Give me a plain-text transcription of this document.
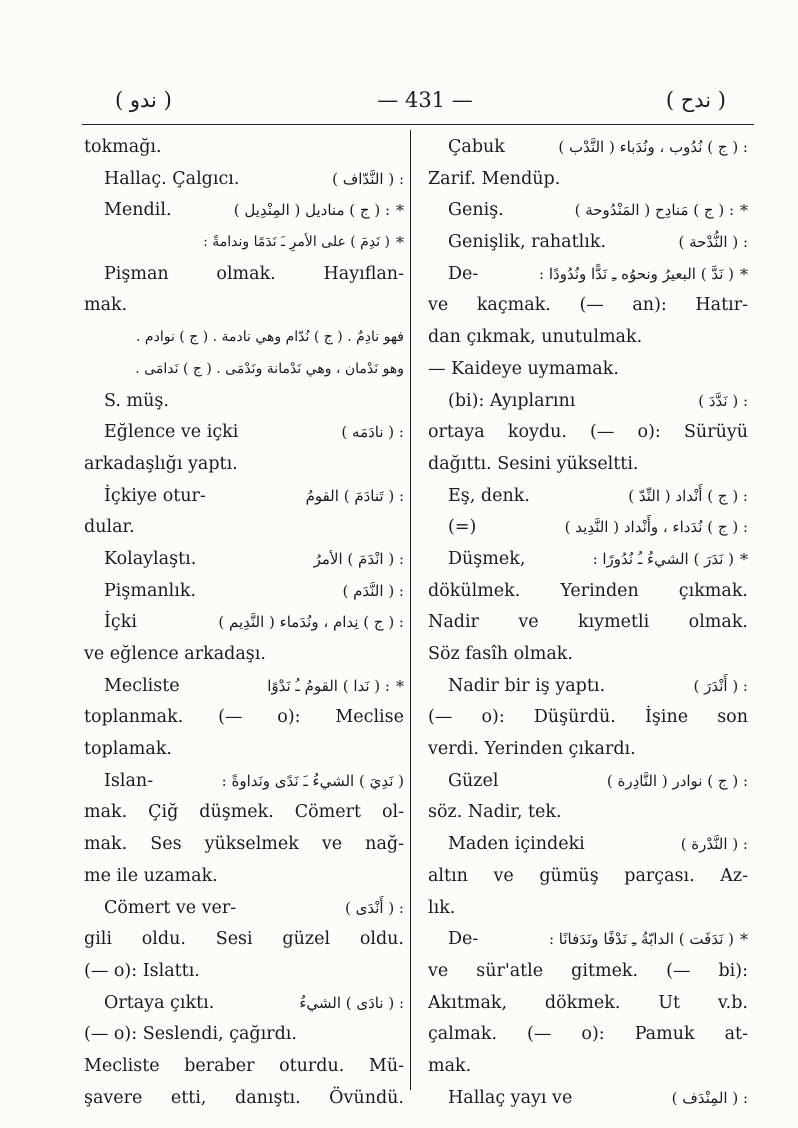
( ندو )	— 431 —	( ندح )
tokmağı.
Hallaç. Çalgıcı.	: ( النَّدّاف )
Mendil.	: ( ج ) مناديل ( المِنْدِيل ) *
( نَدِمَ ) على الأمرِ ـَ نَدَمًا وندامةً : *
Pişman olmak. Hayıflan-
mak.
فهو نادِمٌ . ( ج ) نُدّام وهي نادمة . ( ج ) نوادم .
وهو نَدْمان ، وهي نَدْمانة ونَدْمَى . ( ج ) نَدامَى .
S. müş.
Eğlence ve içki	: ( نادَمَه )
arkadaşlığı yaptı.
İçkiye otur-	: ( تَنادَمَ ) القومُ
dular.
Kolaylaştı.	: ( انْدَمَ ) الأمرُ
Pişmanlık.	: ( النَّدَم )
İçki	: ( ج ) نِدام ، ونُدَماء ( النَّدِيم )
ve eğlence arkadaşı.
Mecliste	: ( نَدا ) القومُ ـُ نَدْوًا *
toplanmak. (— o): Meclise
toplamak.
Islan-	( نَدِيَ ) الشيءُ ـَ نَدًى ونَداوةً :
mak. Çiğ düşmek. Cömert ol-
mak. Ses yükselmek ve nağ-
me ile uzamak.
Cömert ve ver-	: ( أَنْدَى )
gili oldu. Sesi güzel oldu.
(— o): Islattı.
Ortaya çıktı.	: ( نادَى ) الشيءُ
(— o): Seslendi, çağırdı.
Mecliste beraber oturdu. Mü-
şavere etti, danıştı. Övündü.
Çabuk	: ( ج ) نُدُوب ، ونُدَباء ( النَّدْب )
Zarif. Mendüp.
Geniş.	: ( ج ) مَنادِح ( المَنْدُوحة ) *
Genişlik, rahatlık.	: ( النُّدْحة )
De-	( نَدَّ ) البعيرُ ونحوُه ـِ نَدًّا ونُدُودًا : *
ve kaçmak. (— an): Hatır-
dan çıkmak, unutulmak.
— Kaideye uymamak.
(bi): Ayıplarını	: ( نَدَّدَ )
ortaya koydu. (— o): Sürüyü
dağıttı. Sesini yükseltti.
Eş, denk.	: ( ج ) أَنْداد ( النِّدّ )
(=)	: ( ج ) نُدَداء ، وأَنْداد ( النَّدِيد )
Düşmek,	( نَدَرَ ) الشيءُ ـُ نُدُورًا : *
dökülmek. Yerinden çıkmak.
Nadir ve kıymetli olmak.
Söz fasîh olmak.
Nadir bir iş yaptı.	: ( أَنْدَرَ )
(— o): Düşürdü. İşine son
verdi. Yerinden çıkardı.
Güzel	: ( ج ) نوادر ( النَّادِرة )
söz. Nadir, tek.
Maden içindeki	: ( النَّدْرة )
altın ve gümüş parçası. Az-
lık.
De-	( نَدَفَت ) الدابّةُ ـِ نَدْفًا ونَدَفانًا : *
ve sür'atle gitmek. (— bi):
Akıtmak, dökmek. Ut v.b.
çalmak. (— o): Pamuk at-
mak.
Hallaç yayı ve	: ( المِنْدَف )
